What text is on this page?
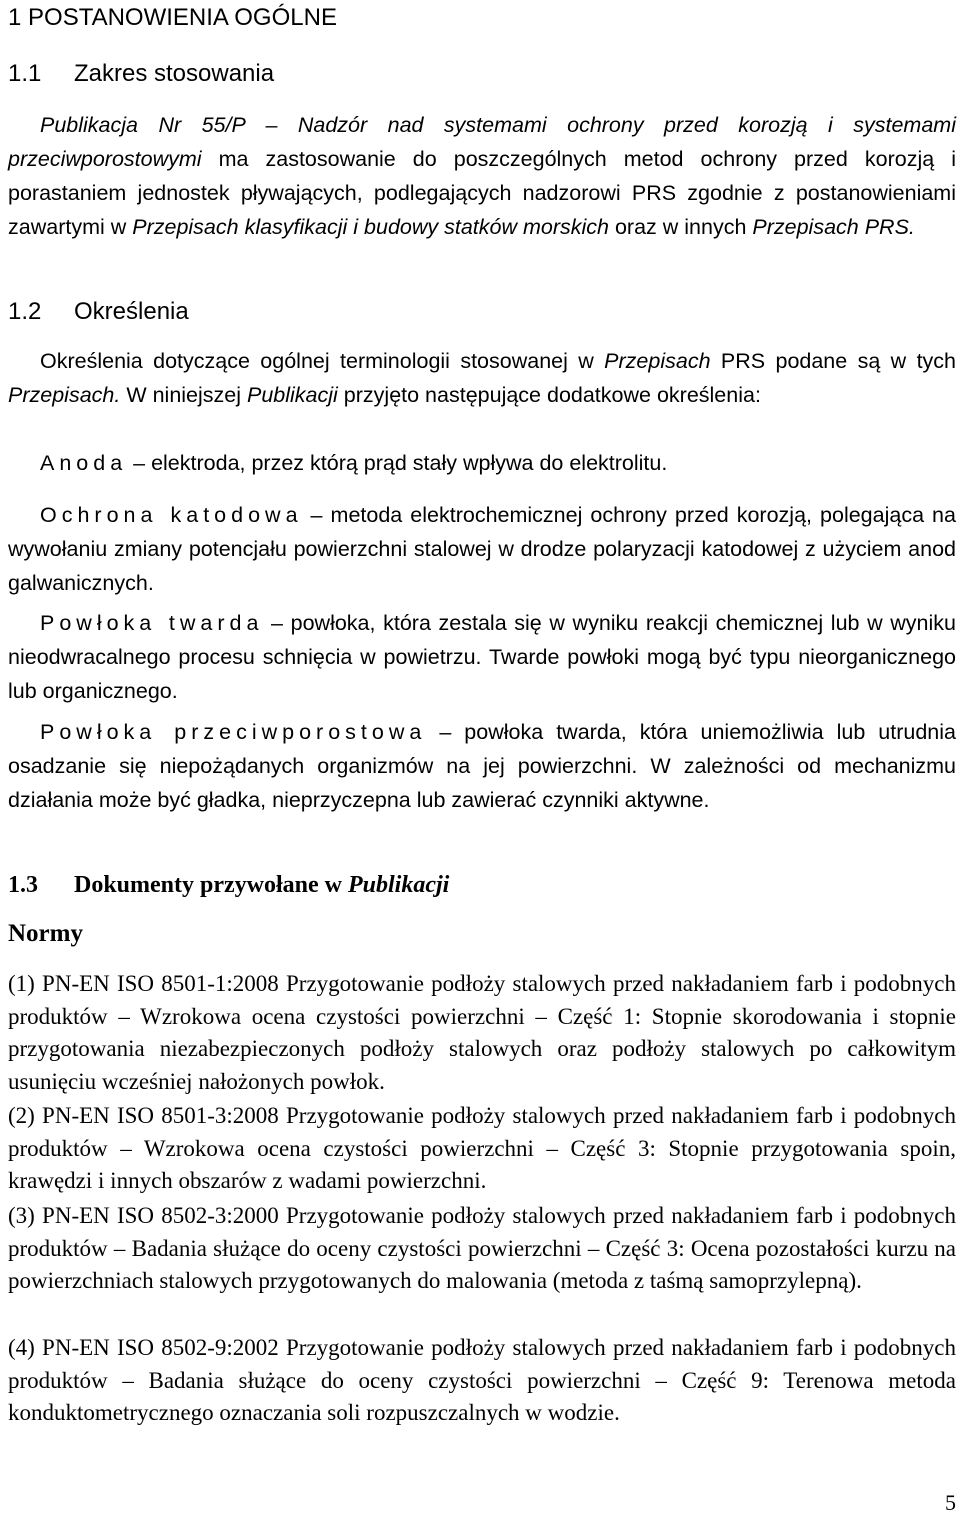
1 POSTANOWIENIA OGÓLNE
1.1 Zakres stosowania
Publikacja Nr 55/P – Nadzór nad systemami ochrony przed korozją i systemami przeciwporostowymi ma zastosowanie do poszczególnych metod ochrony przed korozją i porastaniem jednostek pływających, podlegających nadzorowi PRS zgodnie z postanowieniami zawartymi w Przepisach klasyfikacji i budowy statków morskich oraz w innych Przepisach PRS.
1.2 Określenia
Określenia dotyczące ogólnej terminologii stosowanej w Przepisach PRS podane są w tych Przepisach. W niniejszej Publikacji przyjęto następujące dodatkowe określenia:
Anoda – elektroda, przez którą prąd stały wpływa do elektrolitu.
Ochrona katodowa – metoda elektrochemicznej ochrony przed korozją, polegająca na wywołaniu zmiany potencjału powierzchni stalowej w drodze polaryzacji katodowej z użyciem anod galwanicznych.
Powłoka twarda – powłoka, która zestala się w wyniku reakcji chemicznej lub w wyniku nieodwracalnego procesu schnięcia w powietrzu. Twarde powłoki mogą być typu nieorganicznego lub organicznego.
Powłoka przeciwporostowa – powłoka twarda, która uniemożliwia lub utrudnia osadzanie się niepożądanych organizmów na jej powierzchni. W zależności od mechanizmu działania może być gładka, nieprzyczepna lub zawierać czynniki aktywne.
1.3 Dokumenty przywołane w Publikacji
Normy
(1) PN-EN ISO 8501-1:2008 Przygotowanie podłoży stalowych przed nakładaniem farb i podobnych produktów – Wzrokowa ocena czystości powierzchni – Część 1: Stopnie skorodowania i stopnie przygotowania niezabezpieczonych podłoży stalowych oraz podłoży stalowych po całkowitym usunięciu wcześniej nałożonych powłok.
(2) PN-EN ISO 8501-3:2008 Przygotowanie podłoży stalowych przed nakładaniem farb i podobnych produktów – Wzrokowa ocena czystości powierzchni – Część 3: Stopnie przygotowania spoin, krawędzi i innych obszarów z wadami powierzchni.
(3) PN-EN ISO 8502-3:2000 Przygotowanie podłoży stalowych przed nakładaniem farb i podobnych produktów – Badania służące do oceny czystości powierzchni – Część 3: Ocena pozostałości kurzu na powierzchniach stalowych przygotowanych do malowania (metoda z taśmą samoprzylepną).
(4) PN-EN ISO 8502-9:2002 Przygotowanie podłoży stalowych przed nakładaniem farb i podobnych produktów – Badania służące do oceny czystości powierzchni – Część 9: Terenowa metoda konduktometrycznego oznaczania soli rozpuszczalnych w wodzie.
5
